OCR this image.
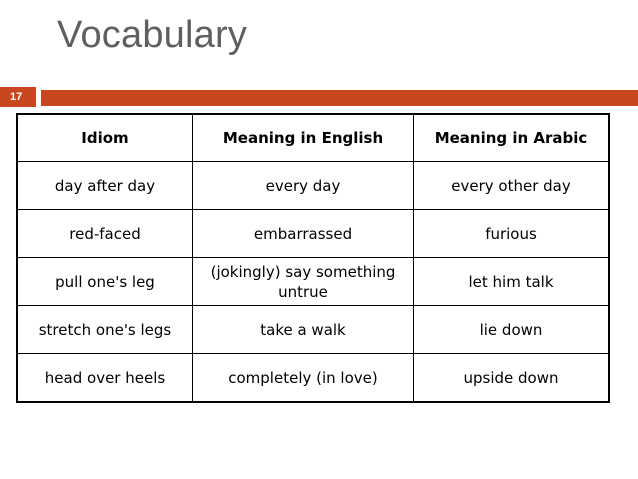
Vocabulary
17
Idiom	Meaning in English	Meaning in Arabic
day after day	every day	every other day
red-faced	embarrassed	furious
pull one's leg	(jokingly) say something untrue	let him talk
stretch one's legs	take a walk	lie down
head over heels	completely (in love)	upside down
